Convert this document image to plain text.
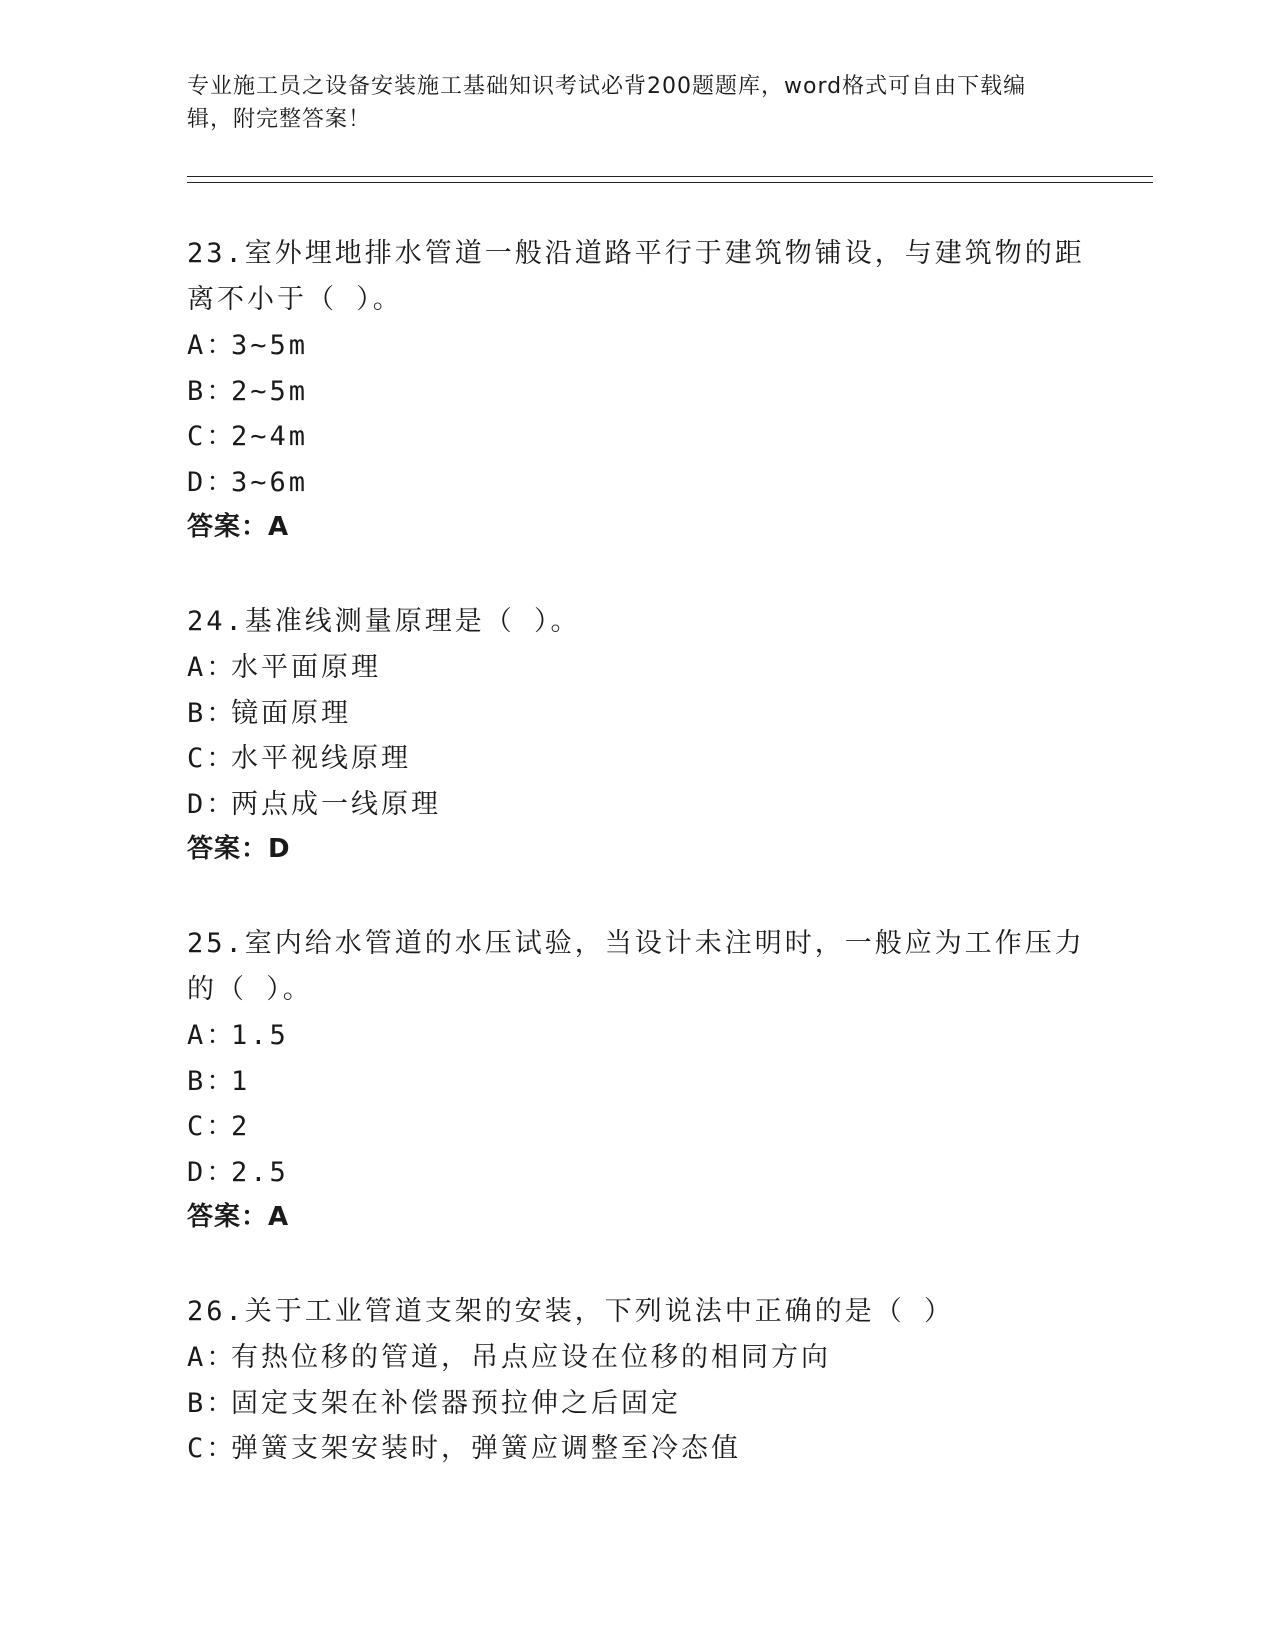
专业施工员之设备安装施工基础知识考试必背200题题库，word格式可自由下载编辑，附完整答案！
23.室外埋地排水管道一般沿道路平行于建筑物铺设，与建筑物的距离不小于（ ）。
A：3~5m
B：2~5m
C：2~4m
D：3~6m
答案：A
24.基准线测量原理是（ ）。
A：水平面原理
B：镜面原理
C：水平视线原理
D：两点成一线原理
答案：D
25.室内给水管道的水压试验，当设计未注明时，一般应为工作压力的（ ）。
A：1.5
B：1
C：2
D：2.5
答案：A
26.关于工业管道支架的安装，下列说法中正确的是（ ）
A：有热位移的管道，吊点应设在位移的相同方向
B：固定支架在补偿器预拉伸之后固定
C：弹簧支架安装时，弹簧应调整至冷态值
